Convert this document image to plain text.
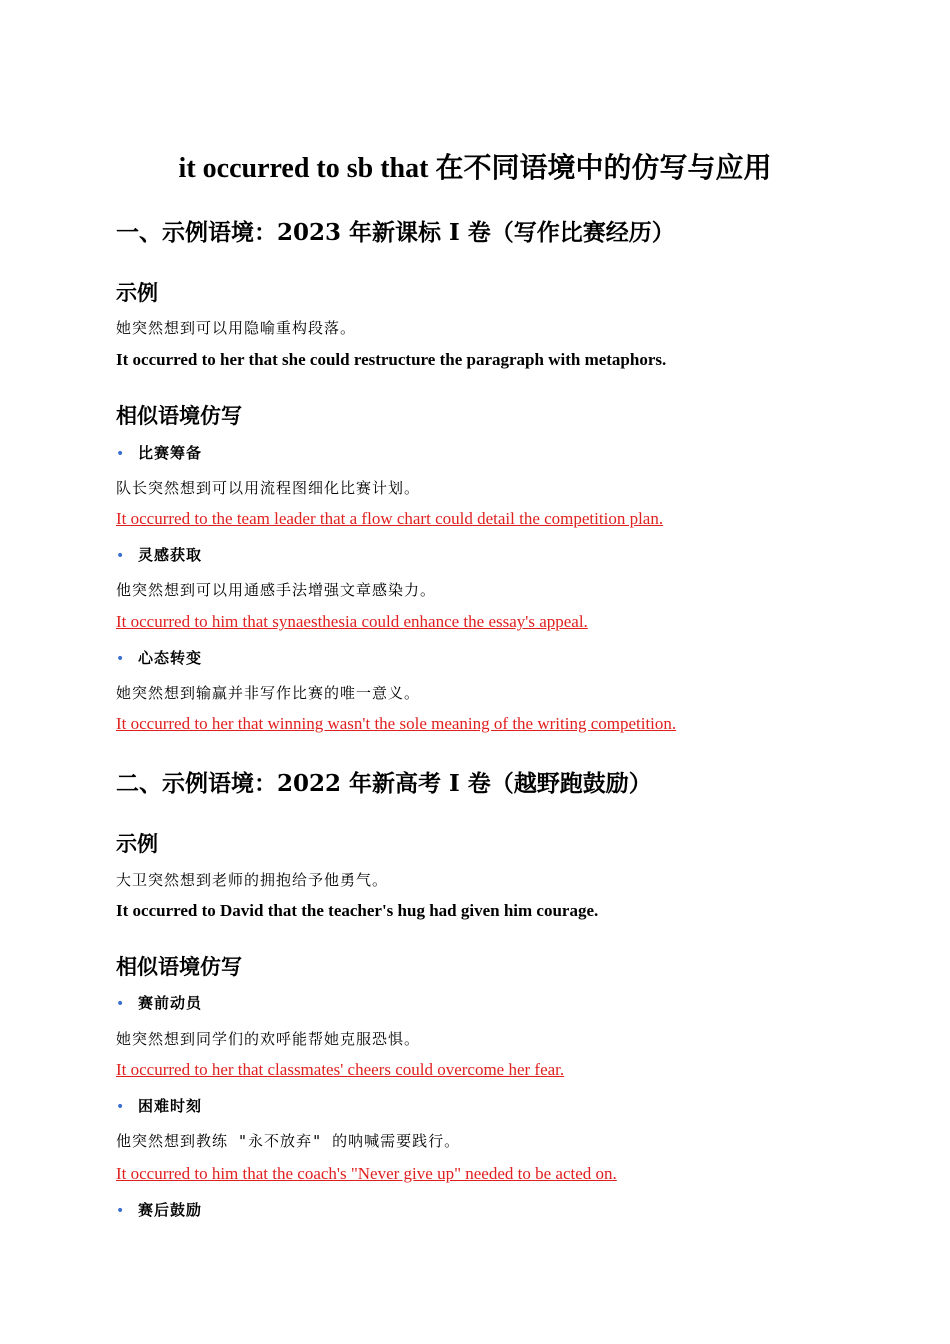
it occurred to sb that 在不同语境中的仿写与应用
一、示例语境：2023 年新课标 Ⅰ 卷（写作比赛经历）
示例
她突然想到可以用隐喻重构段落。
It occurred to her that she could restructure the paragraph with metaphors.
相似语境仿写
• 比赛筹备
队长突然想到可以用流程图细化比赛计划。
It occurred to the team leader that a flow chart could detail the competition plan.
• 灵感获取
他突然想到可以用通感手法增强文章感染力。
It occurred to him that synaesthesia could enhance the essay's appeal.
• 心态转变
她突然想到输赢并非写作比赛的唯一意义。
It occurred to her that winning wasn't the sole meaning of the writing competition.
二、示例语境：2022 年新高考 Ⅰ 卷（越野跑鼓励）
示例
大卫突然想到老师的拥抱给予他勇气。
It occurred to David that the teacher's hug had given him courage.
相似语境仿写
• 赛前动员
她突然想到同学们的欢呼能帮她克服恐惧。
It occurred to her that classmates' cheers could overcome her fear.
• 困难时刻
他突然想到教练 "永不放弃" 的呐喊需要践行。
It occurred to him that the coach's "Never give up" needed to be acted on.
• 赛后鼓励
